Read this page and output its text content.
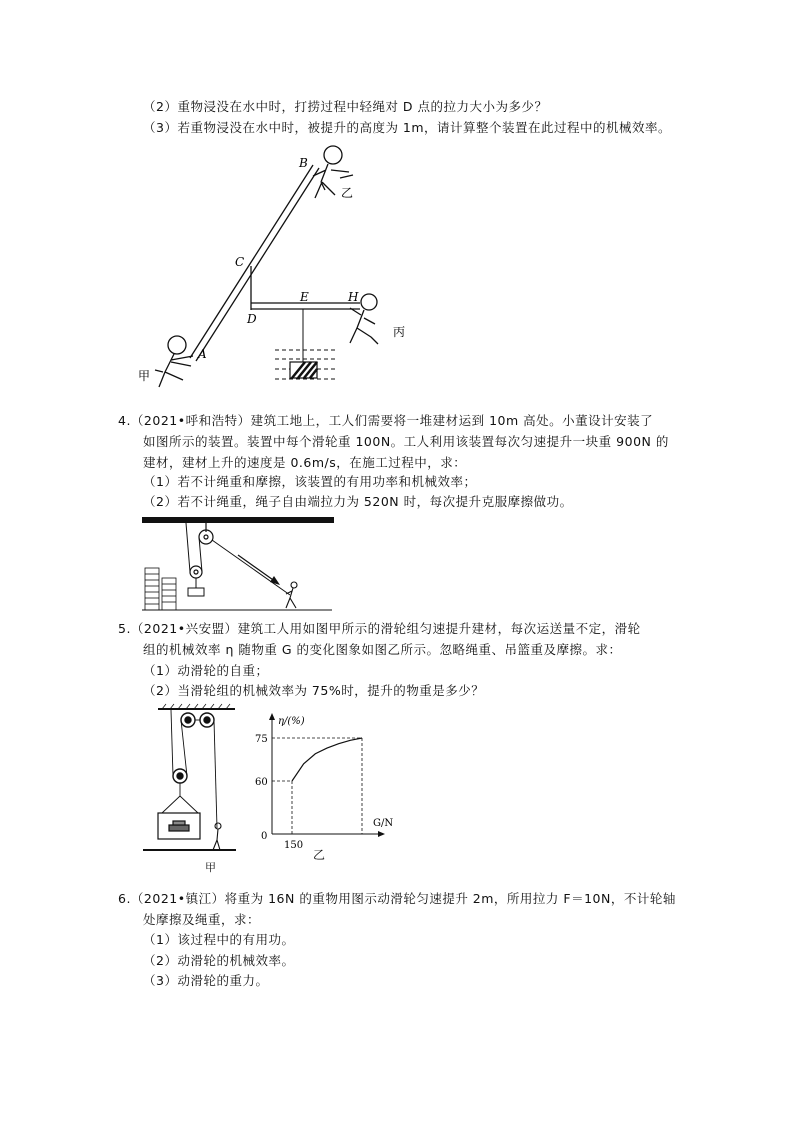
（2）重物浸没在水中时，打捞过程中轻绳对 D 点的拉力大小为多少？
（3）若重物浸没在水中时，被提升的高度为 1m，请计算整个装置在此过程中的机械效率。
4.（2021•呼和浩特）建筑工地上，工人们需要将一堆建材运到 10m 高处。小董设计安装了
如图所示的装置。装置中每个滑轮重 100N。工人利用该装置每次匀速提升一块重 900N 的
建材，建材上升的速度是 0.6m/s，在施工过程中，求：
（1）若不计绳重和摩擦，该装置的有用功率和机械效率；
（2）若不计绳重，绳子自由端拉力为 520N 时，每次提升克服摩擦做功。
5.（2021•兴安盟）建筑工人用如图甲所示的滑轮组匀速提升建材，每次运送量不定，滑轮
组的机械效率 η 随物重 G 的变化图象如图乙所示。忽略绳重、吊篮重及摩擦。求：
（1）动滑轮的自重；
（2）当滑轮组的机械效率为 75%时，提升的物重是多少？
6.（2021•镇江）将重为 16N 的重物用图示动滑轮匀速提升 2m，所用拉力 F＝10N，不计轮轴
处摩擦及绳重，求：
（1）该过程中的有用功。
（2）动滑轮的机械效率。
（3）动滑轮的重力。
B
C
D
E	H
A
甲
乙
丙
甲
60
75
150
η/(%)
G/N
0
乙
